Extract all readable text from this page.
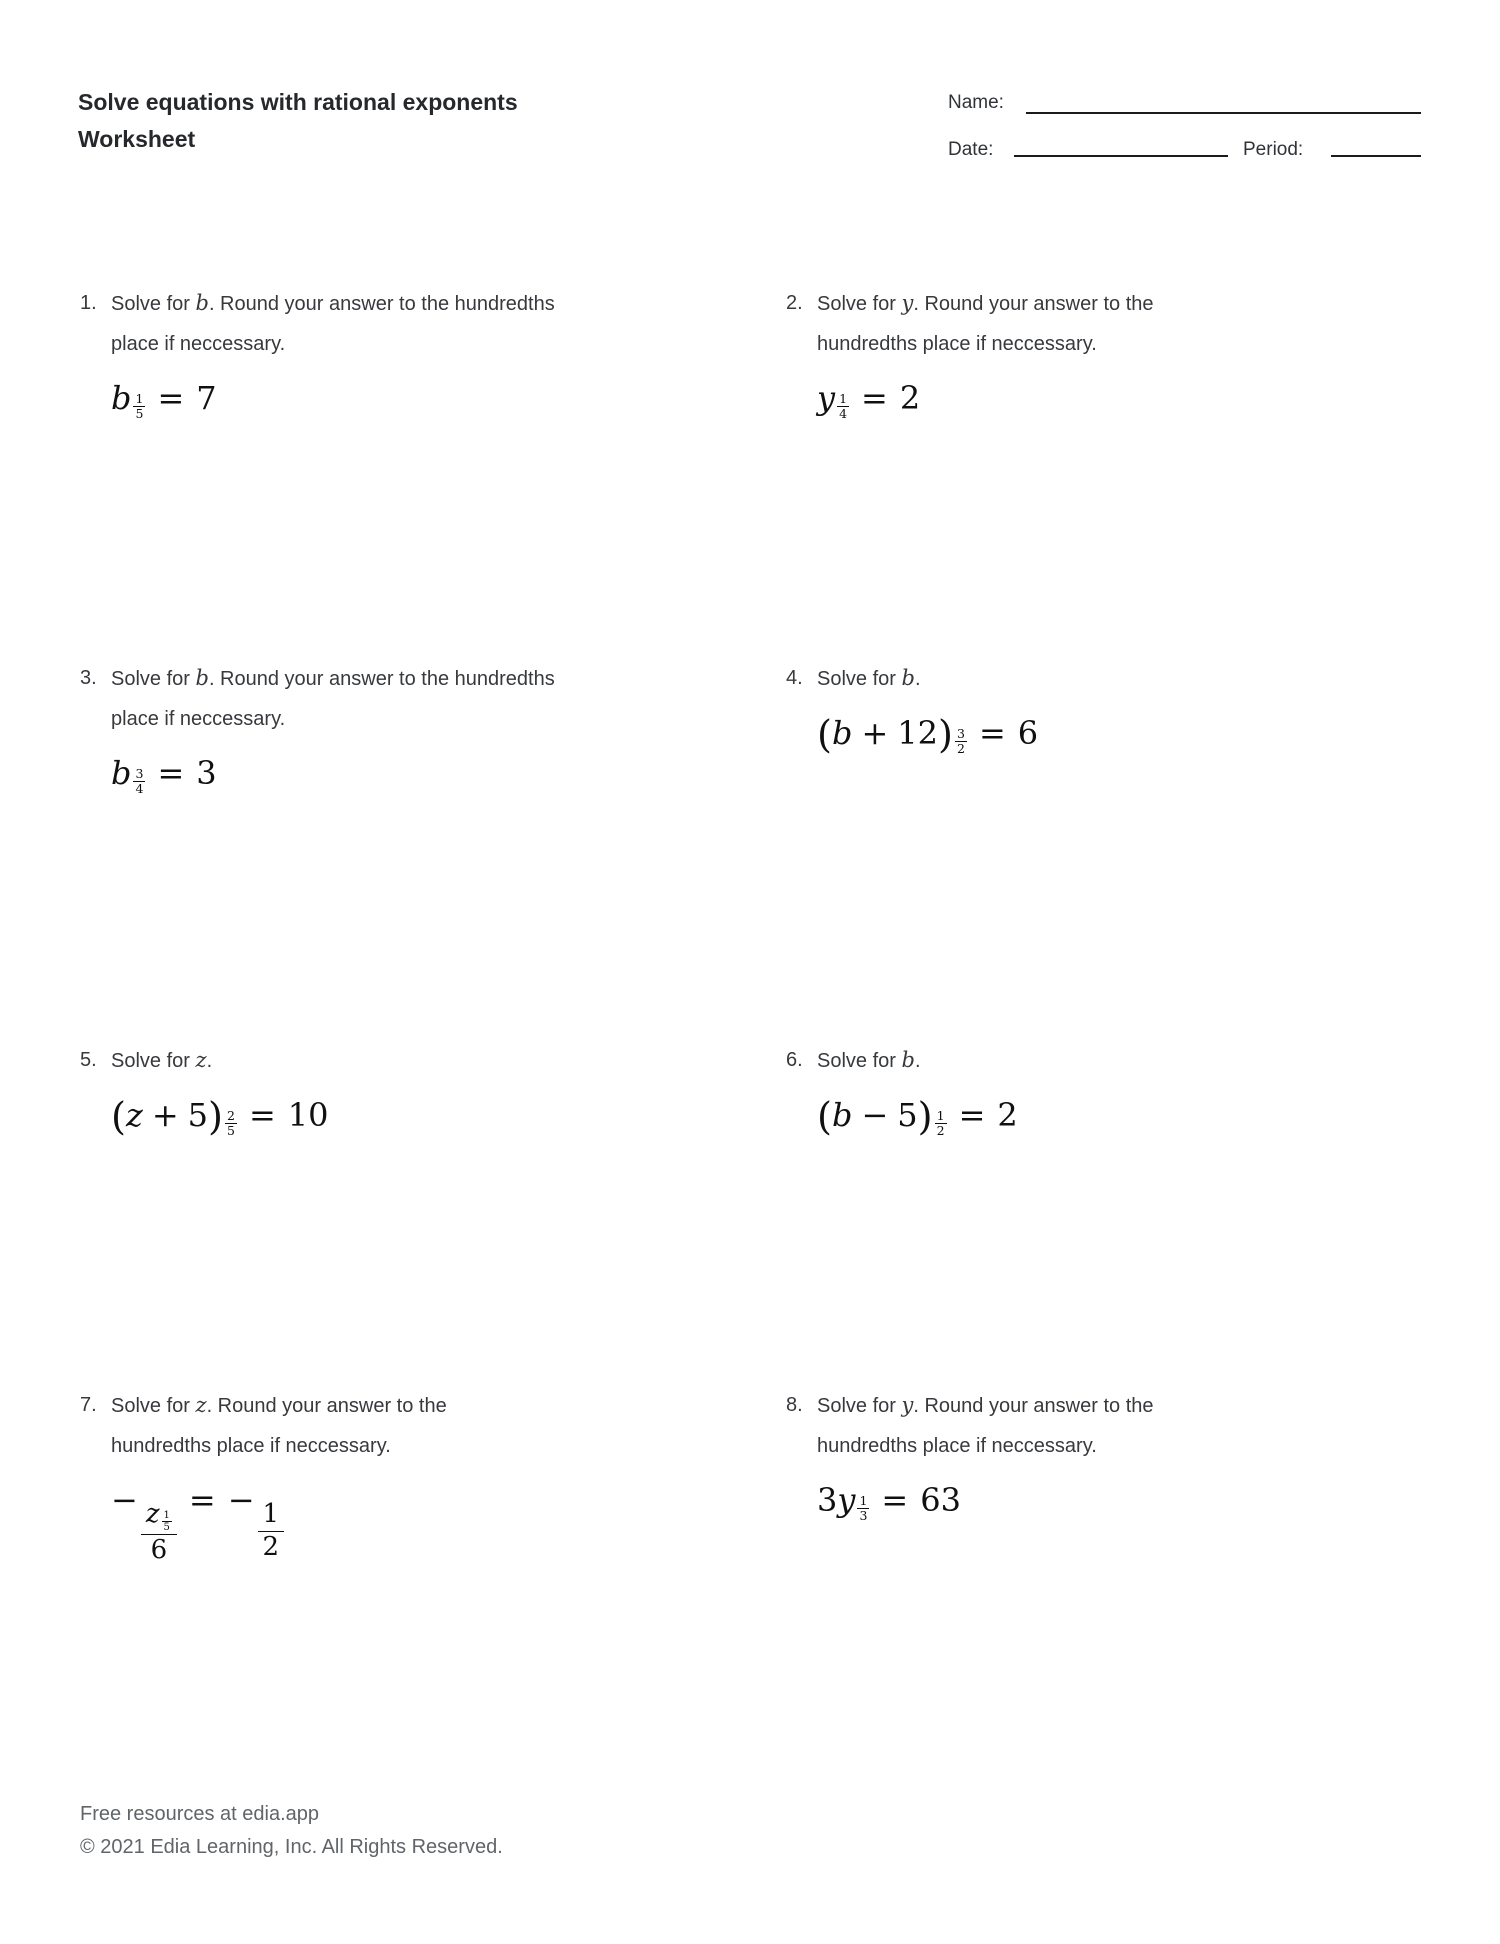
Solve equations with rational exponents
Worksheet
Name:
Date:	Period:
1. Solve for b. Round your answer to the hundredths
place if neccessary.
b $\frac{1}{5} = 7$
2. Solve for y. Round your answer to the
hundredths place if neccessary.
y $\frac{1}{4} = 2$
3. Solve for b. Round your answer to the hundredths
place if neccessary.
b $\frac{3}{4} = 3$
4. Solve for b.
$(b + 12) \frac{3}{2} = 6$
5. Solve for z.
$(z + 5) \frac{2}{5} = 10$
6. Solve for b.
$(b - 5) \frac{1}{2} = 2$
7. Solve for z. Round your answer to the
hundredths place if neccessary.
− $\frac{z \frac{1}{5}}{6}$ = − $\frac{1}{2}$
8. Solve for y. Round your answer to the
hundredths place if neccessary.
$3y \frac{1}{3} = 63$
Free resources at edia.app
© 2021 Edia Learning, Inc. All Rights Reserved.
